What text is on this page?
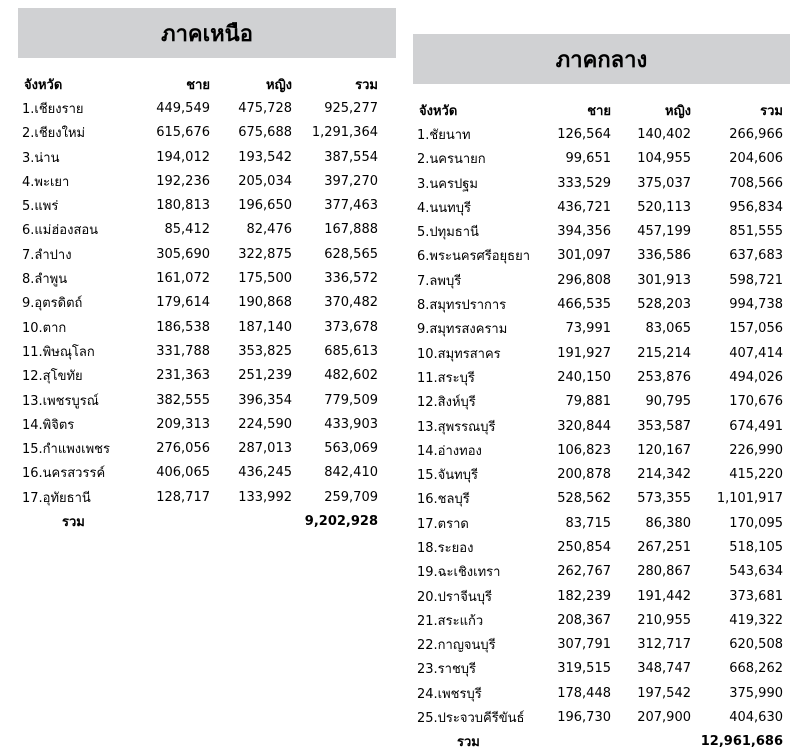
ภาคเหนือ
จังหวัด	ชาย	หญิง	รวม
1.เชียงราย	449,549	475,728	925,277
2.เชียงใหม่	615,676	675,688	1,291,364
3.น่าน	194,012	193,542	387,554
4.พะเยา	192,236	205,034	397,270
5.แพร่	180,813	196,650	377,463
6.แม่ฮ่องสอน	85,412	82,476	167,888
7.ลำปาง	305,690	322,875	628,565
8.ลำพูน	161,072	175,500	336,572
9.อุตรดิตถ์	179,614	190,868	370,482
10.ตาก	186,538	187,140	373,678
11.พิษณุโลก	331,788	353,825	685,613
12.สุโขทัย	231,363	251,239	482,602
13.เพชรบูรณ์	382,555	396,354	779,509
14.พิจิตร	209,313	224,590	433,903
15.กำแพงเพชร	276,056	287,013	563,069
16.นครสวรรค์	406,065	436,245	842,410
17.อุทัยธานี	128,717	133,992	259,709
รวม			9,202,928
ภาคกลาง
จังหวัด	ชาย	หญิง	รวม
1.ชัยนาท	126,564	140,402	266,966
2.นครนายก	99,651	104,955	204,606
3.นครปฐม	333,529	375,037	708,566
4.นนทบุรี	436,721	520,113	956,834
5.ปทุมธานี	394,356	457,199	851,555
6.พระนครศรีอยุธยา	301,097	336,586	637,683
7.ลพบุรี	296,808	301,913	598,721
8.สมุทรปราการ	466,535	528,203	994,738
9.สมุทรสงคราม	73,991	83,065	157,056
10.สมุทรสาคร	191,927	215,214	407,414
11.สระบุรี	240,150	253,876	494,026
12.สิงห์บุรี	79,881	90,795	170,676
13.สุพรรณบุรี	320,844	353,587	674,491
14.อ่างทอง	106,823	120,167	226,990
15.จันทบุรี	200,878	214,342	415,220
16.ชลบุรี	528,562	573,355	1,101,917
17.ตราด	83,715	86,380	170,095
18.ระยอง	250,854	267,251	518,105
19.ฉะเชิงเทรา	262,767	280,867	543,634
20.ปราจีนบุรี	182,239	191,442	373,681
21.สระแก้ว	208,367	210,955	419,322
22.กาญจนบุรี	307,791	312,717	620,508
23.ราชบุรี	319,515	348,747	668,262
24.เพชรบุรี	178,448	197,542	375,990
25.ประจวบคีรีขันธ์	196,730	207,900	404,630
รวม			12,961,686
